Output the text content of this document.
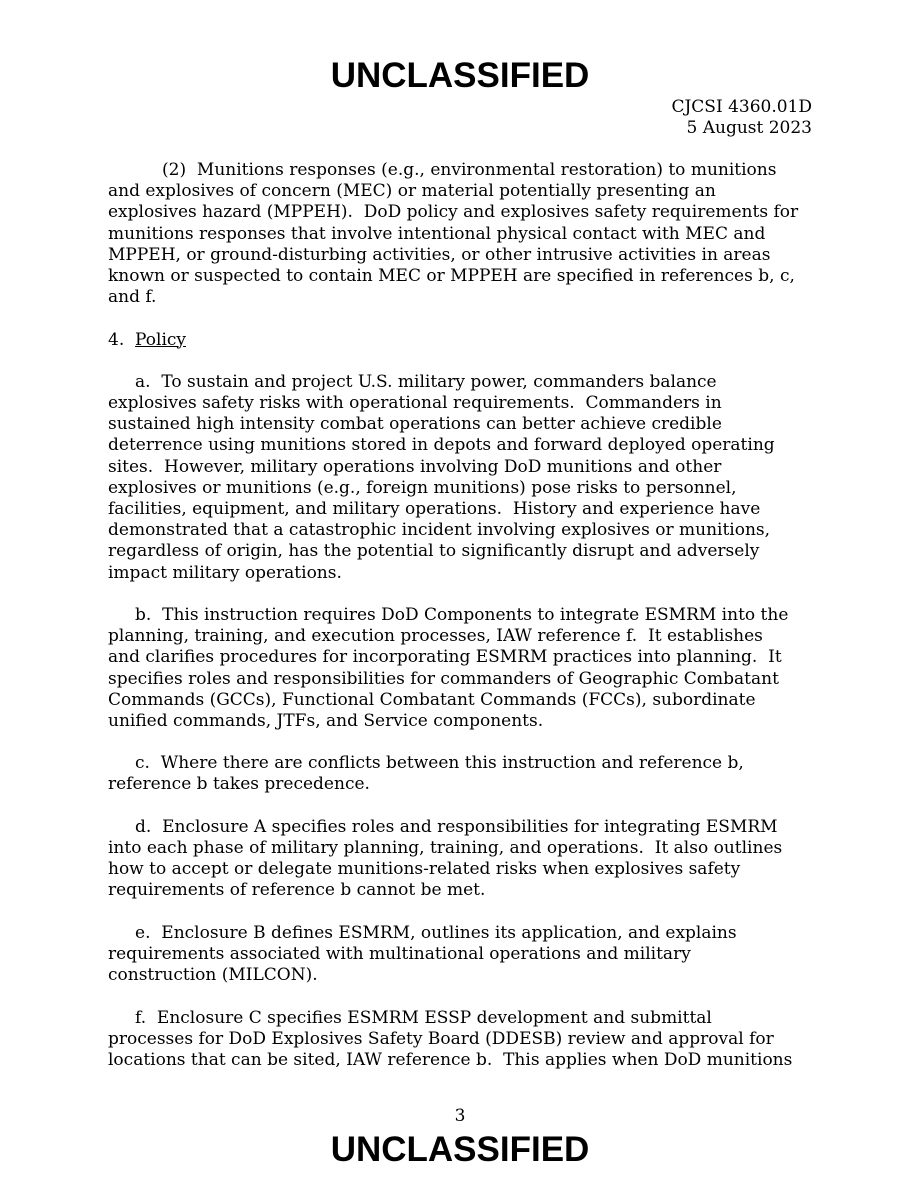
UNCLASSIFIED
CJCSI 4360.01D
5 August 2023
(2)  Munitions responses (e.g., environmental restoration) to munitions
and explosives of concern (MEC) or material potentially presenting an
explosives hazard (MPPEH).  DoD policy and explosives safety requirements for
munitions responses that involve intentional physical contact with MEC and
MPPEH, or ground-disturbing activities, or other intrusive activities in areas
known or suspected to contain MEC or MPPEH are specified in references b, c,
and f.
4.  Policy
a.  To sustain and project U.S. military power, commanders balance
explosives safety risks with operational requirements.  Commanders in
sustained high intensity combat operations can better achieve credible
deterrence using munitions stored in depots and forward deployed operating
sites.  However, military operations involving DoD munitions and other
explosives or munitions (e.g., foreign munitions) pose risks to personnel,
facilities, equipment, and military operations.  History and experience have
demonstrated that a catastrophic incident involving explosives or munitions,
regardless of origin, has the potential to significantly disrupt and adversely
impact military operations.
b.  This instruction requires DoD Components to integrate ESMRM into the
planning, training, and execution processes, IAW reference f.  It establishes
and clarifies procedures for incorporating ESMRM practices into planning.  It
specifies roles and responsibilities for commanders of Geographic Combatant
Commands (GCCs), Functional Combatant Commands (FCCs), subordinate
unified commands, JTFs, and Service components.
c.  Where there are conflicts between this instruction and reference b,
reference b takes precedence.
d.  Enclosure A specifies roles and responsibilities for integrating ESMRM
into each phase of military planning, training, and operations.  It also outlines
how to accept or delegate munitions-related risks when explosives safety
requirements of reference b cannot be met.
e.  Enclosure B defines ESMRM, outlines its application, and explains
requirements associated with multinational operations and military
construction (MILCON).
f.  Enclosure C specifies ESMRM ESSP development and submittal
processes for DoD Explosives Safety Board (DDESB) review and approval for
locations that can be sited, IAW reference b.  This applies when DoD munitions
3
UNCLASSIFIED
